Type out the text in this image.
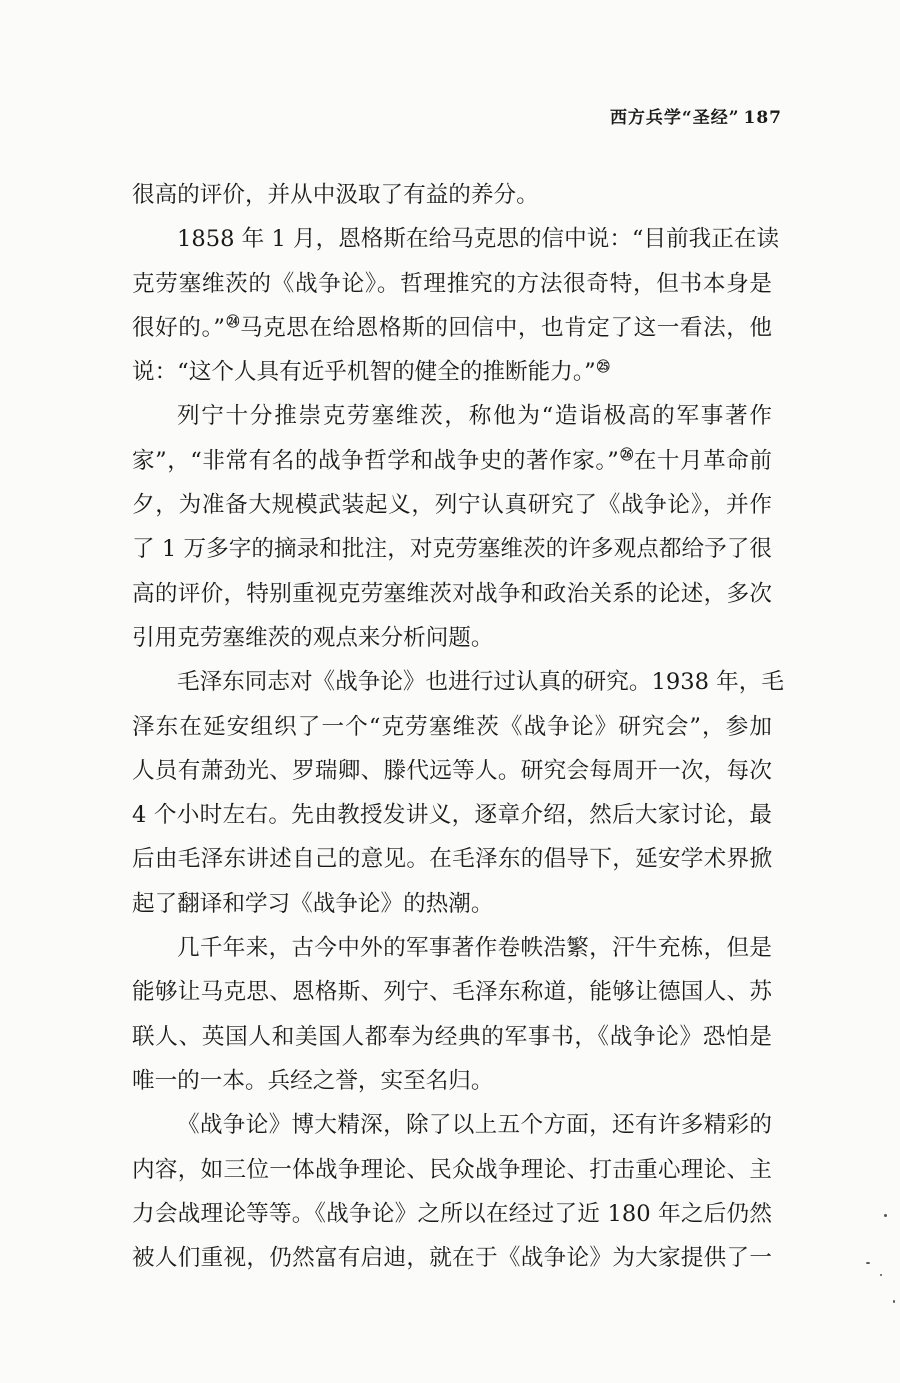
西方兵学“圣经” 187
很高的评价，并从中汲取了有益的养分。
1858 年 1 月，恩格斯在给马克思的信中说：“目前我正在读
克劳塞维茨的《战争论》。哲理推究的方法很奇特，但书本身是
很好的。”$^㉔$马克思在给恩格斯的回信中，也肯定了这一看法，他
说：“这个人具有近乎机智的健全的推断能力。”$^㉕$
列宁十分推崇克劳塞维茨，称他为“造诣极高的军事著作
家”，“非常有名的战争哲学和战争史的著作家。”$^㉖$在十月革命前
夕，为准备大规模武装起义，列宁认真研究了《战争论》，并作
了 1 万多字的摘录和批注，对克劳塞维茨的许多观点都给予了很
高的评价，特别重视克劳塞维茨对战争和政治关系的论述，多次
引用克劳塞维茨的观点来分析问题。
毛泽东同志对《战争论》也进行过认真的研究。1938 年，毛
泽东在延安组织了一个“克劳塞维茨《战争论》研究会”，参加
人员有萧劲光、罗瑞卿、滕代远等人。研究会每周开一次，每次
4 个小时左右。先由教授发讲义，逐章介绍，然后大家讨论，最
后由毛泽东讲述自己的意见。在毛泽东的倡导下，延安学术界掀
起了翻译和学习《战争论》的热潮。
几千年来，古今中外的军事著作卷帙浩繁，汗牛充栋，但是
能够让马克思、恩格斯、列宁、毛泽东称道，能够让德国人、苏
联人、英国人和美国人都奉为经典的军事书，《战争论》恐怕是
唯一的一本。兵经之誉，实至名归。
《战争论》博大精深，除了以上五个方面，还有许多精彩的
内容，如三位一体战争理论、民众战争理论、打击重心理论、主
力会战理论等等。《战争论》之所以在经过了近 180 年之后仍然
被人们重视，仍然富有启迪，就在于《战争论》为大家提供了一
